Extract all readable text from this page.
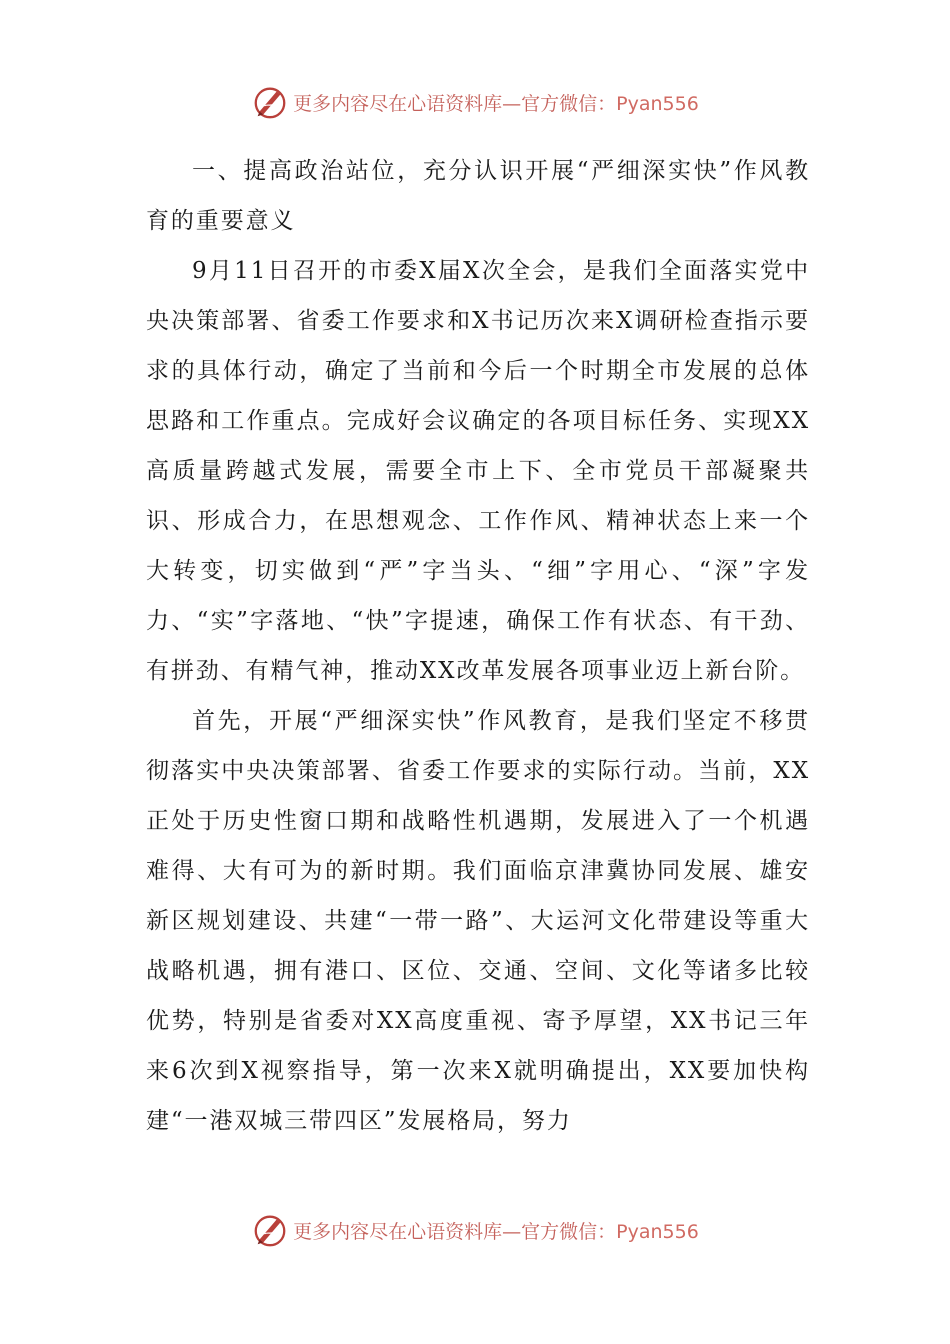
更多内容尽在心语资料库—官方微信：Pyan556

一、提高政治站位，充分认识开展“严细深实快”作风教育的重要意义

9月11日召开的市委X届X次全会，是我们全面落实党中央决策部署、省委工作要求和X书记历次来X调研检查指示要求的具体行动，确定了当前和今后一个时期全市发展的总体思路和工作重点。完成好会议确定的各项目标任务、实现XX高质量跨越式发展，需要全市上下、全市党员干部凝聚共识、形成合力，在思想观念、工作作风、精神状态上来一个大转变，切实做到“严”字当头、“细”字用心、“深”字发力、“实”字落地、“快”字提速，确保工作有状态、有干劲、有拼劲、有精气神，推动XX改革发展各项事业迈上新台阶。

首先，开展“严细深实快”作风教育，是我们坚定不移贯彻落实中央决策部署、省委工作要求的实际行动。当前，XX正处于历史性窗口期和战略性机遇期，发展进入了一个机遇难得、大有可为的新时期。我们面临京津冀协同发展、雄安新区规划建设、共建“一带一路”、大运河文化带建设等重大战略机遇，拥有港口、区位、交通、空间、文化等诸多比较优势，特别是省委对XX高度重视、寄予厚望，XX书记三年来6次到X视察指导，第一次来X就明确提出，XX要加快构建“一港双城三带四区”发展格局，努力

更多内容尽在心语资料库—官方微信：Pyan556
